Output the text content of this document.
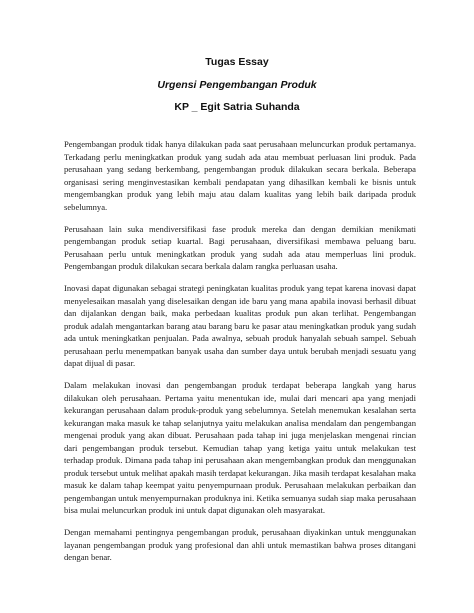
Tugas Essay
Urgensi Pengembangan Produk
KP _ Egit Satria Suhanda

Pengembangan produk tidak hanya dilakukan pada saat perusahaan meluncurkan produk pertamanya. Terkadang perlu meningkatkan produk yang sudah ada atau membuat perluasan lini produk. Pada perusahaan yang sedang berkembang, pengembangan produk dilakukan secara berkala. Beberapa organisasi sering menginvestasikan kembali pendapatan yang dihasilkan kembali ke bisnis untuk mengembangkan produk yang lebih maju atau dalam kualitas yang lebih baik daripada produk sebelumnya.

Perusahaan lain suka mendiversifikasi fase produk mereka dan dengan demikian menikmati pengembangan produk setiap kuartal. Bagi perusahaan, diversifikasi membawa peluang baru. Perusahaan perlu untuk meningkatkan produk yang sudah ada atau memperluas lini produk. Pengembangan produk dilakukan secara berkala dalam rangka perluasan usaha.

Inovasi dapat digunakan sebagai strategi peningkatan kualitas produk yang tepat karena inovasi dapat menyelesaikan masalah yang diselesaikan dengan ide baru yang mana apabila inovasi berhasil dibuat dan dijalankan dengan baik, maka perbedaan kualitas produk pun akan terlihat. Pengembangan produk adalah mengantarkan barang atau barang baru ke pasar atau meningkatkan produk yang sudah ada untuk meningkatkan penjualan. Pada awalnya, sebuah produk hanyalah sebuah sampel. Sebuah perusahaan perlu menempatkan banyak usaha dan sumber daya untuk berubah menjadi sesuatu yang dapat dijual di pasar.

Dalam melakukan inovasi dan pengembangan produk terdapat beberapa langkah yang harus dilakukan oleh perusahaan. Pertama yaitu menentukan ide, mulai dari mencari apa yang menjadi kekurangan perusahaan dalam produk-produk yang sebelumnya. Setelah menemukan kesalahan serta kekurangan maka masuk ke tahap selanjutnya yaitu melakukan analisa mendalam dan pengembangan mengenai produk yang akan dibuat. Perusahaan pada tahap ini juga menjelaskan mengenai rincian dari pengembangan produk tersebut. Kemudian tahap yang ketiga yaitu untuk melakukan test terhadap produk. Dimana pada tahap ini perusahaan akan mengembangkan produk dan menggunakan produk tersebut untuk melihat apakah masih terdapat kekurangan. Jika masih terdapat kesalahan maka masuk ke dalam tahap keempat yaitu penyempurnaan produk. Perusahaan melakukan perbaikan dan pengembangan untuk menyempurnakan produknya ini. Ketika semuanya sudah siap maka perusahaan bisa mulai meluncurkan produk ini untuk dapat digunakan oleh masyarakat.

Dengan memahami pentingnya pengembangan produk, perusahaan diyakinkan untuk menggunakan layanan pengembangan produk yang profesional dan ahli untuk memastikan bahwa proses ditangani dengan benar.
